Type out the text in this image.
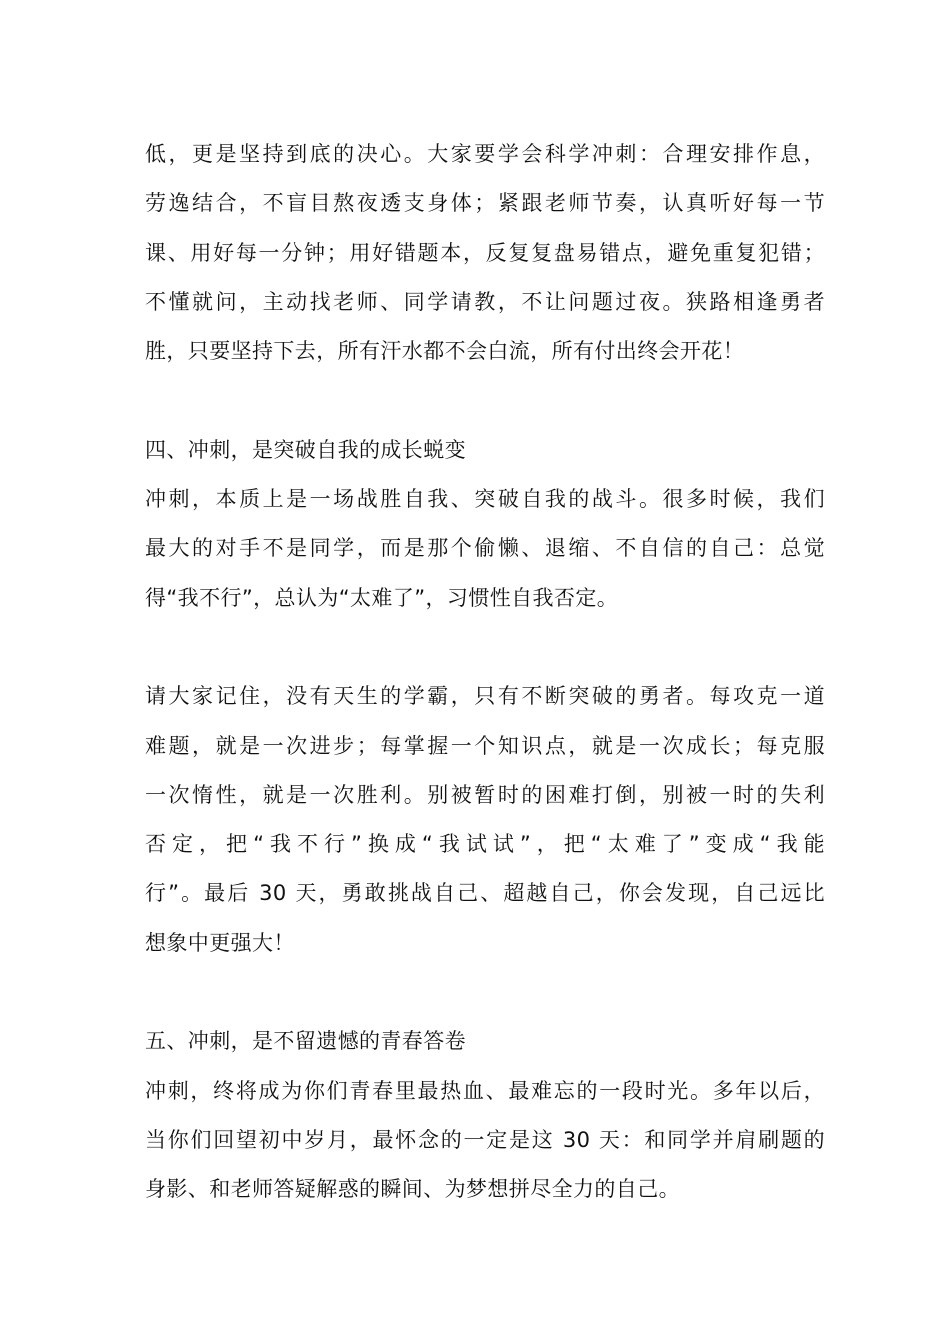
低，更是坚持到底的决心。大家要学会科学冲刺：合理安排作息，
劳逸结合，不盲目熬夜透支身体；紧跟老师节奏，认真听好每一节
课、用好每一分钟；用好错题本，反复复盘易错点，避免重复犯错；
不懂就问，主动找老师、同学请教，不让问题过夜。狭路相逢勇者
胜，只要坚持下去，所有汗水都不会白流，所有付出终会开花！
四、冲刺，是突破自我的成长蜕变
冲刺，本质上是一场战胜自我、突破自我的战斗。很多时候，我们
最大的对手不是同学，而是那个偷懒、退缩、不自信的自己：总觉
得“我不行”，总认为“太难了”，习惯性自我否定。
请大家记住，没有天生的学霸，只有不断突破的勇者。每攻克一道
难题，就是一次进步；每掌握一个知识点，就是一次成长；每克服
一次惰性，就是一次胜利。别被暂时的困难打倒，别被一时的失利
否定，把“我不行”换成“我试试”，把“太难了”变成“我能
行”。最后 30 天，勇敢挑战自己、超越自己，你会发现，自己远比
想象中更强大！
五、冲刺，是不留遗憾的青春答卷
冲刺，终将成为你们青春里最热血、最难忘的一段时光。多年以后，
当你们回望初中岁月，最怀念的一定是这 30 天：和同学并肩刷题的
身影、和老师答疑解惑的瞬间、为梦想拼尽全力的自己。
